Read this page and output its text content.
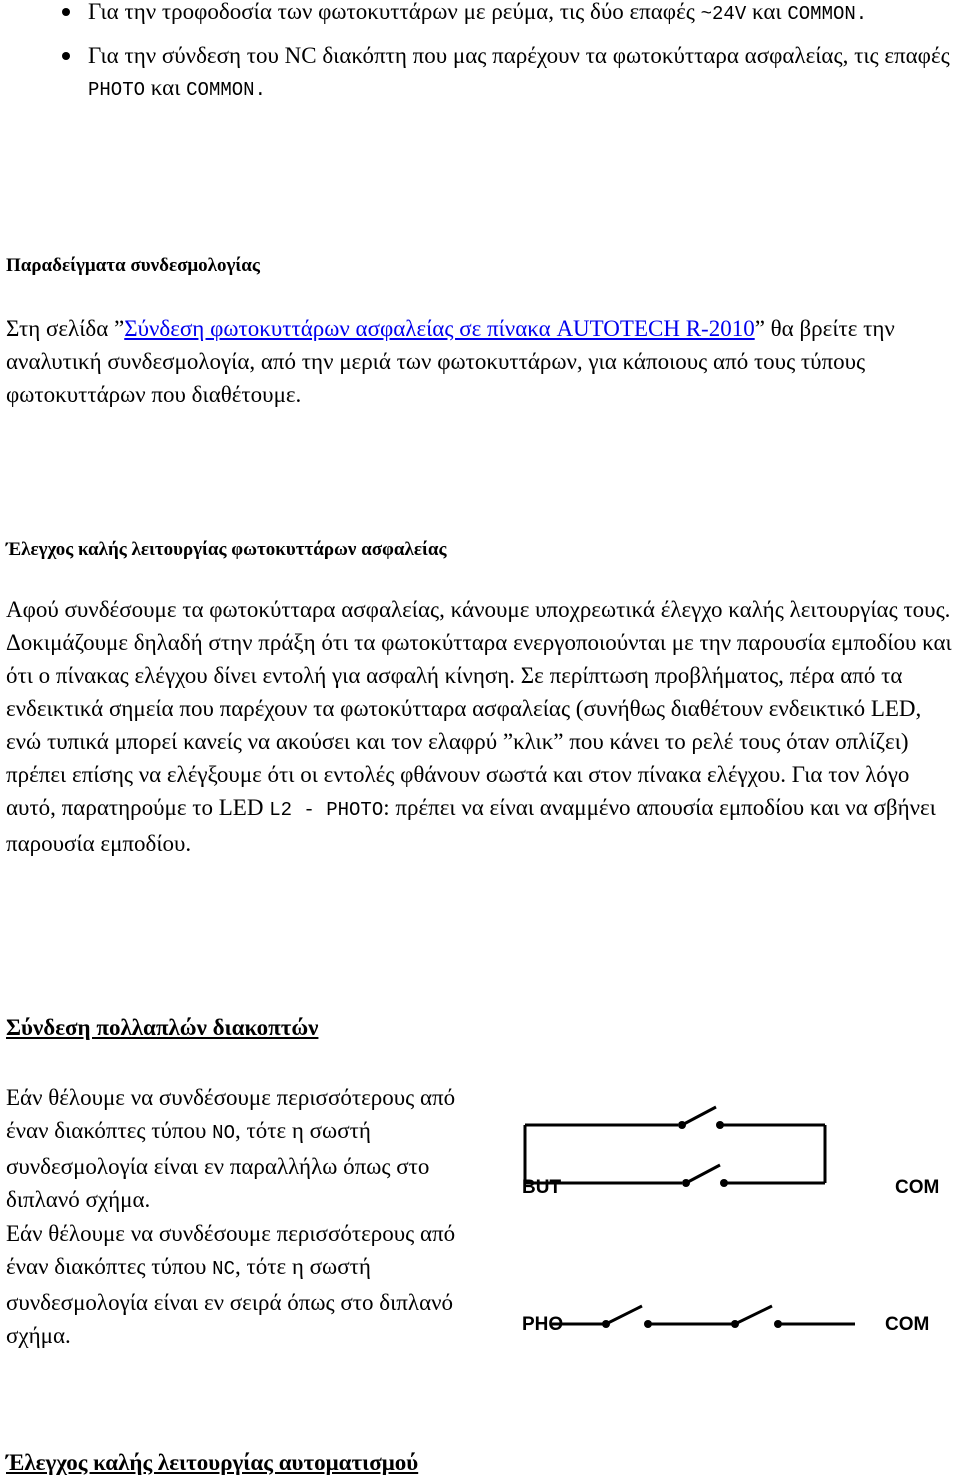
Για την τροφοδοσία των φωτοκυττάρων με ρεύμα, τις δύο επαφές ~24V και COMMON.
Για την σύνδεση του NC διακόπτη που μας παρέχουν τα φωτοκύτταρα ασφαλείας, τις επαφές PHOTO και COMMON.
Παραδείγματα συνδεσμολογίας
Στη σελίδα ”Σύνδεση φωτοκυττάρων ασφαλείας σε πίνακα AUTOTECH R-2010” θα βρείτε την αναλυτική συνδεσμολογία, από την μεριά των φωτοκυττάρων, για κάποιους από τους τύπους φωτοκυττάρων που διαθέτουμε.
Έλεγχος καλής λειτουργίας φωτοκυττάρων ασφαλείας
Αφού συνδέσουμε τα φωτοκύτταρα ασφαλείας, κάνουμε υποχρεωτικά έλεγχο καλής λειτουργίας τους. Δοκιμάζουμε δηλαδή στην πράξη ότι τα φωτοκύτταρα ενεργοποιούνται με την παρουσία εμποδίου και ότι ο πίνακας ελέγχου δίνει εντολή για ασφαλή κίνηση. Σε περίπτωση προβλήματος, πέρα από τα ενδεικτικά σημεία που παρέχουν τα φωτοκύτταρα ασφαλείας (συνήθως διαθέτουν ενδεικτικό LED, ενώ τυπικά μπορεί κανείς να ακούσει και τον ελαφρύ ”κλικ” που κάνει το ρελέ τους όταν οπλίζει) πρέπει επίσης να ελέγξουμε ότι οι εντολές φθάνουν σωστά και στον πίνακα ελέγχου. Για τον λόγο αυτό, παρατηρούμε το LED L2 - PHOTO: πρέπει να είναι αναμμένο απουσία εμποδίου και να σβήνει παρουσία εμποδίου.
Σύνδεση πολλαπλών διακοπτών
Εάν θέλουμε να συνδέσουμε περισσότερους από έναν διακόπτες τύπου NO, τότε η σωστή συνδεσμολογία είναι εν παραλλήλω όπως στο διπλανό σχήμα.
Εάν θέλουμε να συνδέσουμε περισσότερους από έναν διακόπτες τύπου NC, τότε η σωστή συνδεσμολογία είναι εν σειρά όπως στο διπλανό σχήμα.
BUT	COM
PHO	COM
Έλεγχος καλής λειτουργίας αυτοματισμού
